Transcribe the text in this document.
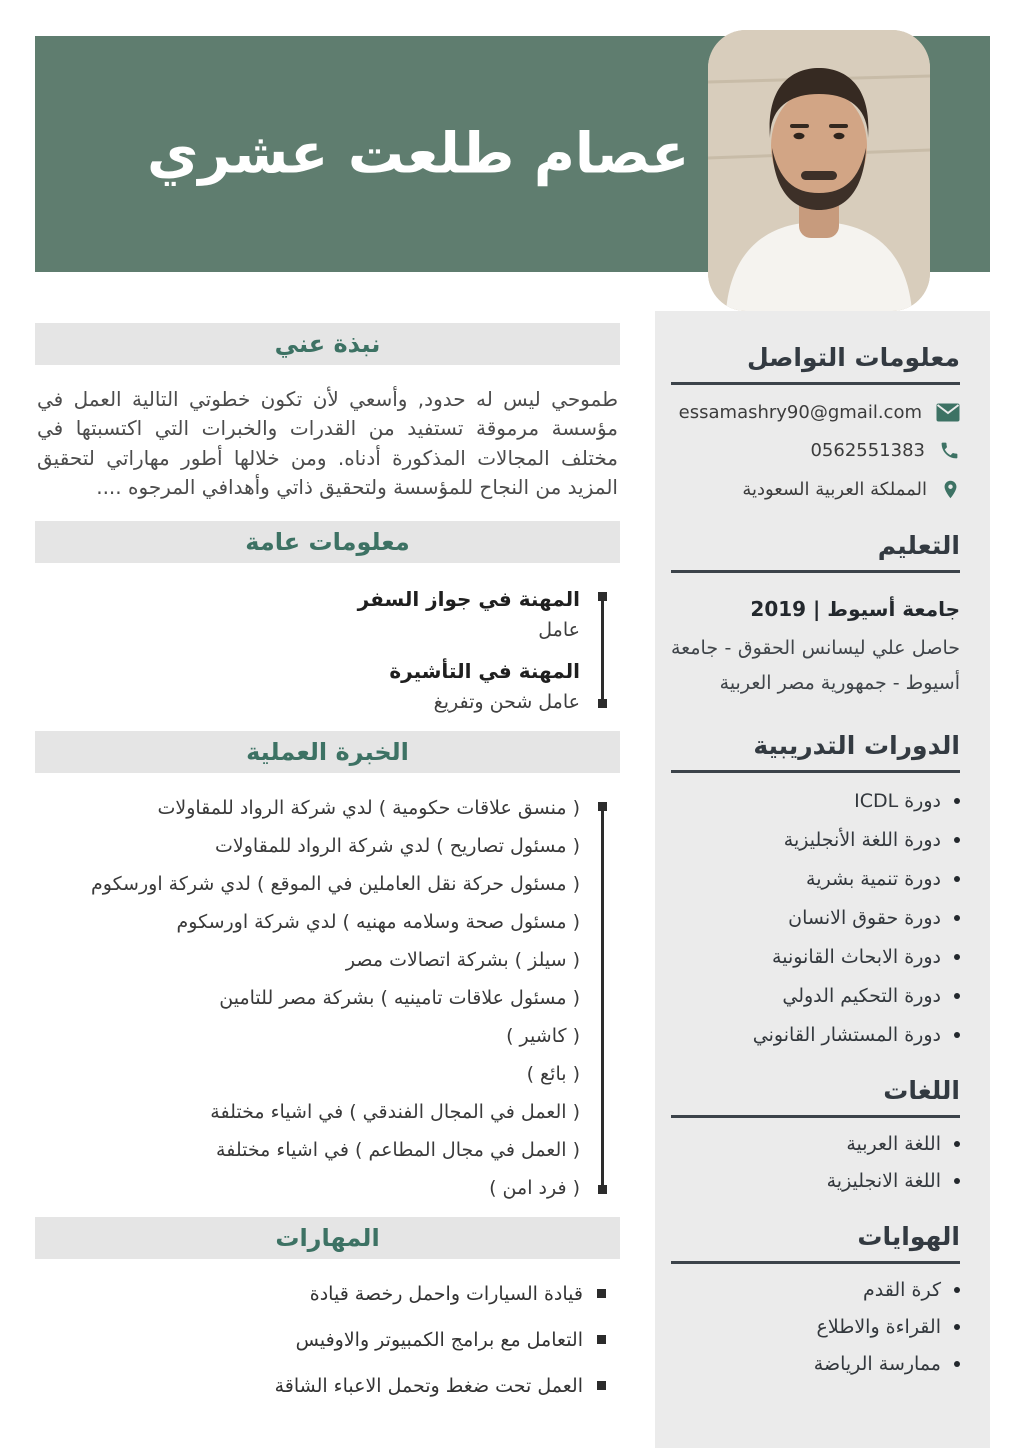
عصام طلعت عشري
معلومات التواصل
essamashry90@gmail.com
0562551383
المملكة العربية السعودية
التعليم
جامعة أسيوط | 2019
حاصل علي ليسانس الحقوق - جامعة أسيوط - جمهورية مصر العربية
الدورات التدريبية
دورة ICDL
دورة اللغة الأنجليزية
دورة تنمية بشرية
دورة حقوق الانسان
دورة الابحاث القانونية
دورة التحكيم الدولي
دورة المستشار القانوني
اللغات
اللغة العربية
اللغة الانجليزية
الهوايات
كرة القدم
القراءة والاطلاع
ممارسة الرياضة
نبذة عني

طموحي ليس له حدود, وأسعي لأن تكون خطوتي التالية العمل في مؤسسة مرموقة تستفيد من القدرات والخبرات التي اكتسبتها في مختلف المجالات المذكورة أدناه. ومن خلالها أطور مهاراتي لتحقيق المزيد من النجاح للمؤسسة ولتحقيق ذاتي وأهدافي المرجوه ....

معلومات عامة
المهنة في جواز السفر
عامل
المهنة في التأشيرة
عامل شحن وتفريغ
الخبرة العملية
( منسق علاقات حكومية ) لدي شركة الرواد للمقاولات
( مسئول تصاريح ) لدي شركة الرواد للمقاولات
( مسئول حركة نقل العاملين في الموقع ) لدي شركة اورسكوم
( مسئول صحة وسلامه مهنيه ) لدي شركة اورسكوم
( سيلز ) بشركة اتصالات مصر
( مسئول علاقات تامينيه ) بشركة مصر للتامين
( كاشير )
( بائع )
( العمل في المجال الفندقي ) في اشياء مختلفة
( العمل في مجال المطاعم ) في اشياء مختلفة
( فرد امن )
المهارات
قيادة السيارات واحمل رخصة قيادة
التعامل مع برامج الكمبيوتر والاوفيس
العمل تحت ضغط وتحمل الاعباء الشاقة
